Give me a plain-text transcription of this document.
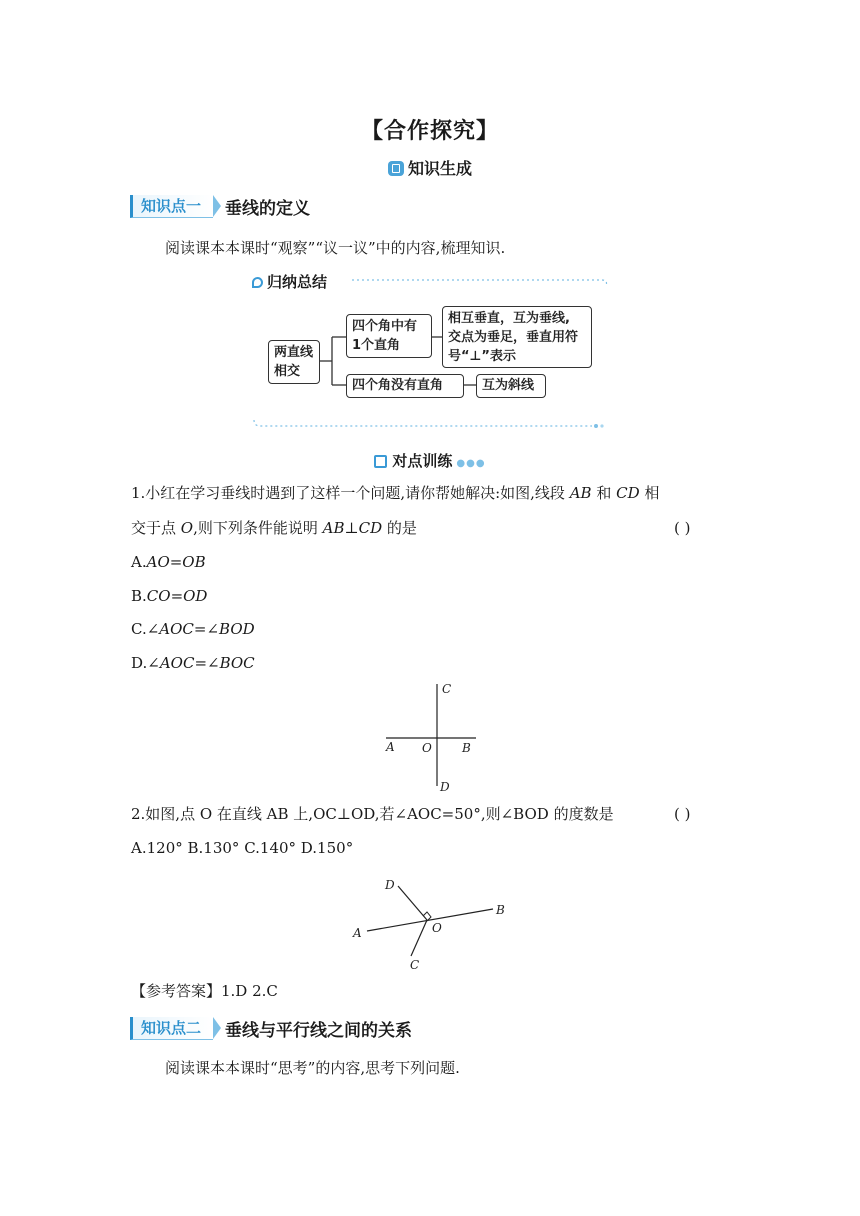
【合作探究】
知识生成
知识点一	垂线的定义
阅读课本本课时“观察”“议一议”中的内容,梳理知识.
归纳总结
两直线
相交
四个角中有
1个直角
相互垂直，互为垂线,
交点为垂足，垂直用符
号“⊥”表示
四个角没有直角	互为斜线
对点训练 ●●●
1.小红在学习垂线时遇到了这样一个问题,请你帮她解决:如图,线段 AB 和 CD 相
交于点 O,则下列条件能说明 AB⊥CD 的是	( )
A.AO=OB
B.CO=OD
C.∠AOC=∠BOD
D.∠AOC=∠BOC
C
A O	B
D
2.如图,点 O 在直线 AB 上,OC⊥OD,若∠AOC=50°,则∠BOD 的度数是	( )
A.120° B.130° C.140° D.150°
D
B
A	O
C
【参考答案】1.D 2.C
知识点二	垂线与平行线之间的关系
阅读课本本课时“思考”的内容,思考下列问题.
